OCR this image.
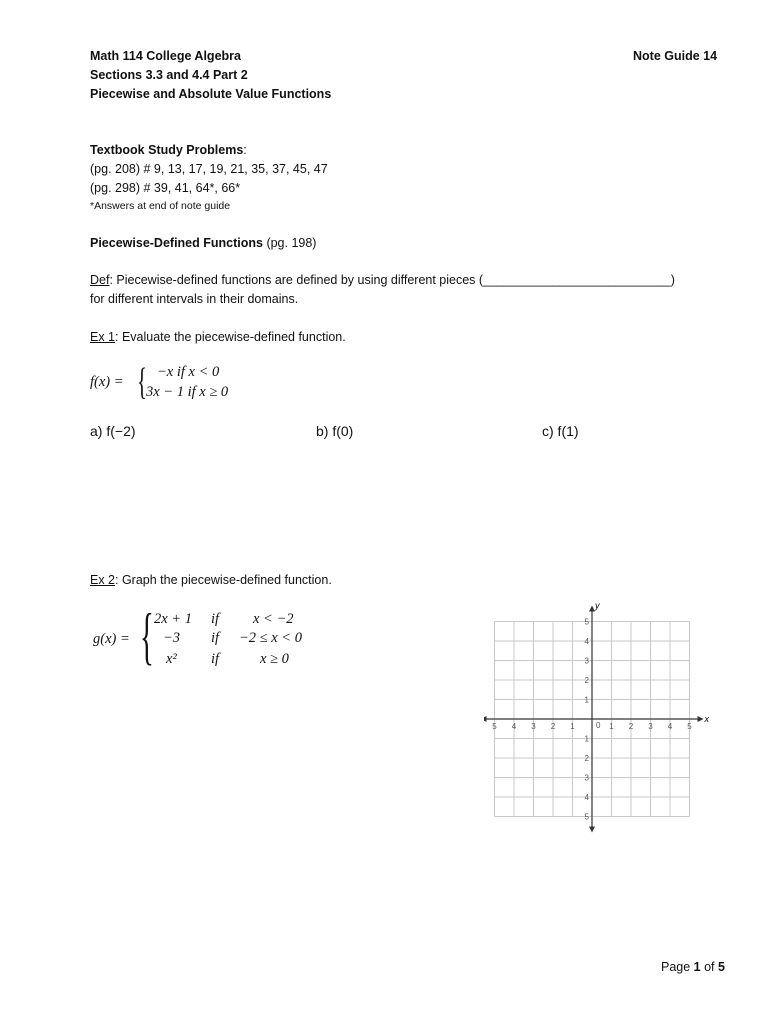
Math 114 College Algebra
Sections 3.3 and 4.4 Part 2
Piecewise and Absolute Value Functions
Note Guide 14
Textbook Study Problems:
(pg. 208) # 9, 13, 17, 19, 21, 35, 37, 45, 47
(pg. 298) # 39, 41, 64*, 66*
*Answers at end of note guide
Piecewise-Defined Functions (pg. 198)
Def: Piecewise-defined functions are defined by using different pieces (___________________________)
for different intervals in their domains.
Ex 1: Evaluate the piecewise-defined function.
f(x) = { −x if x < 0
3x − 1 if x ≥ 0
a) f(−2)	b) f(0)	c) f(1)
Ex 2: Graph the piecewise-defined function.
g(x) = { 2x + 1 if x < −2
−3 if −2 ≤ x < 0
x² if	x ≥ 0
5 4 3 2 1	1 2 3 4 5
5
4
3
2
1
1
2
3
4
5
x
y
0
Page 1 of 5
